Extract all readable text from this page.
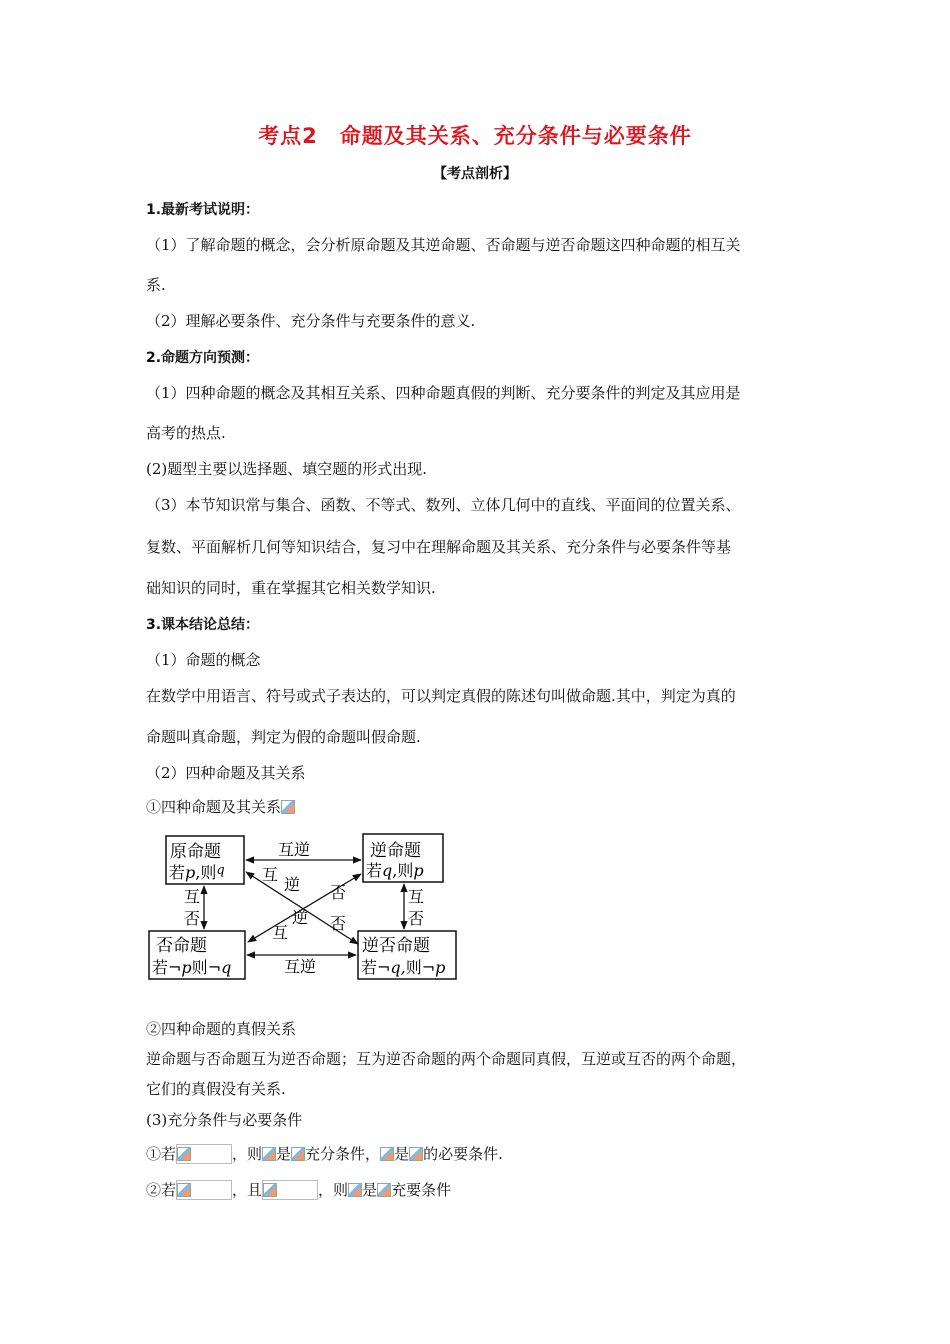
考点2　命题及其关系、充分条件与必要条件
【考点剖析】
1.最新考试说明：
（1）了解命题的概念，会分析原命题及其逆命题、否命题与逆否命题这四种命题的相互关
系.
（2）理解必要条件、充分条件与充要条件的意义.
2.命题方向预测：
（1）四种命题的概念及其相互关系、四种命题真假的判断、充分要条件的判定及其应用是
高考的热点.
(2)题型主要以选择题、填空题的形式出现.
（3）本节知识常与集合、函数、不等式、数列、立体几何中的直线、平面间的位置关系、
复数、平面解析几何等知识结合，复习中在理解命题及其关系、充分条件与必要条件等基
础知识的同时，重在掌握其它相关数学知识.
3.课本结论总结：
（1）命题的概念
在数学中用语言、符号或式子表达的，可以判定真假的陈述句叫做命题.其中，判定为真的
命题叫真命题，判定为假的命题叫假命题.
（2）四种命题及其关系
①四种命题及其关系
原命题
若p,则$^q$
逆命题
若q,则p
否命题
若¬p则¬q
逆否命题
若¬q,则¬p
互逆
互逆
互
否
互
否
互
逆 否
逆 否
互
②四种命题的真假关系
逆命题与否命题互为逆否命题；互为逆否命题的两个命题同真假，互逆或互否的两个命题，
它们的真假没有关系.
(3)充分条件与必要条件
①若	，则 是 充分条件， 是 的必要条件.
②若	，且	，则 是 充要条件
